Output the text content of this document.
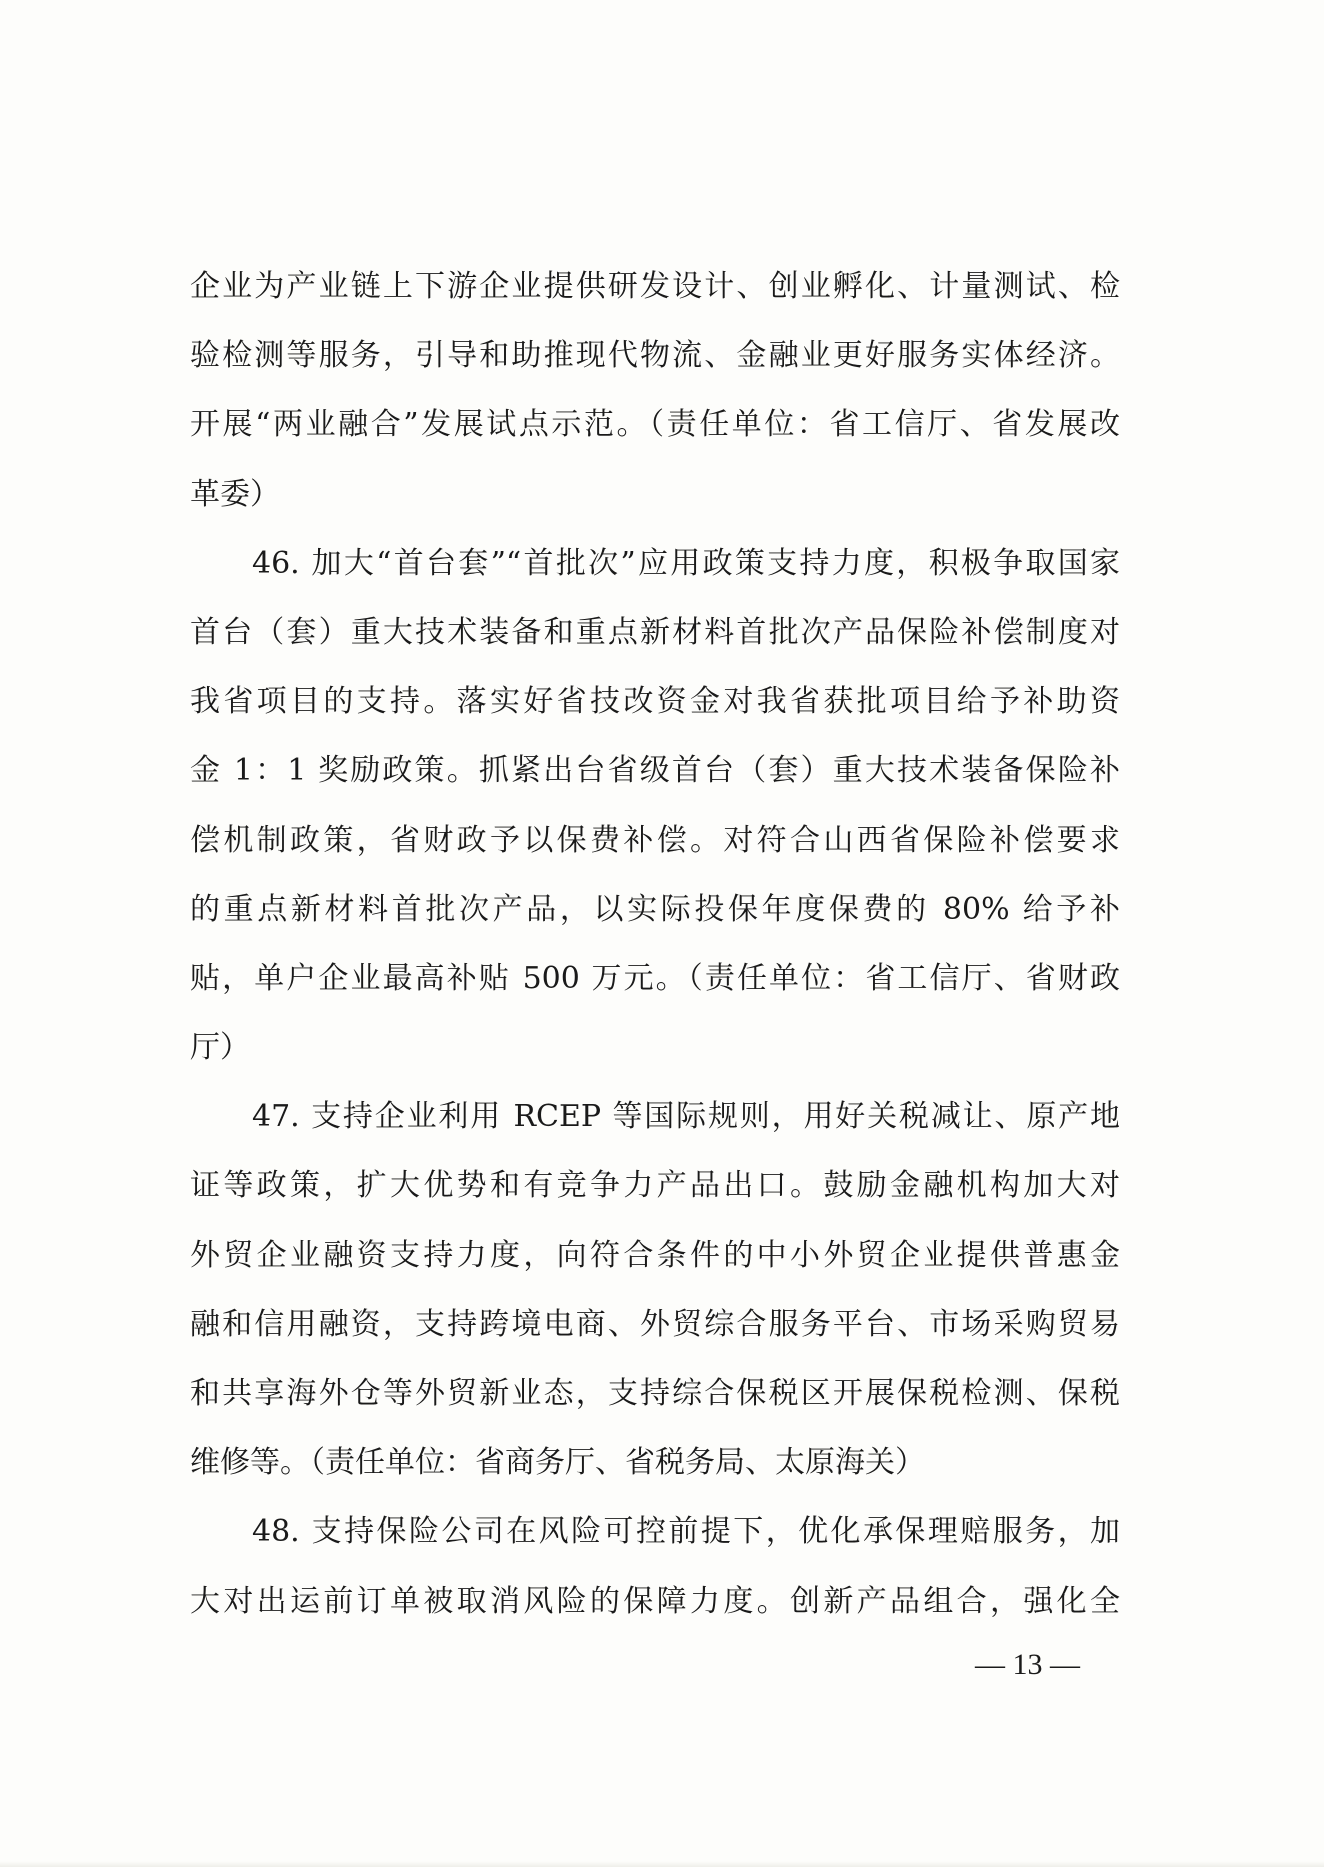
企业为产业链上下游企业提供研发设计、创业孵化、计量测试、检
验检测等服务，引导和助推现代物流、金融业更好服务实体经济。
开展“两业融合”发展试点示范。（责任单位：省工信厅、省发展改
革委）
46. 加大“首台套”“首批次”应用政策支持力度，积极争取国家
首台（套）重大技术装备和重点新材料首批次产品保险补偿制度对
我省项目的支持。落实好省技改资金对我省获批项目给予补助资
金 1：1 奖励政策。抓紧出台省级首台（套）重大技术装备保险补
偿机制政策，省财政予以保费补偿。对符合山西省保险补偿要求
的重点新材料首批次产品，以实际投保年度保费的 80% 给予补
贴，单户企业最高补贴 500 万元。（责任单位：省工信厅、省财政
厅）
47. 支持企业利用 RCEP 等国际规则，用好关税减让、原产地
证等政策，扩大优势和有竞争力产品出口。鼓励金融机构加大对
外贸企业融资支持力度，向符合条件的中小外贸企业提供普惠金
融和信用融资，支持跨境电商、外贸综合服务平台、市场采购贸易
和共享海外仓等外贸新业态，支持综合保税区开展保税检测、保税
维修等。（责任单位：省商务厅、省税务局、太原海关）
48. 支持保险公司在风险可控前提下，优化承保理赔服务，加
大对出运前订单被取消风险的保障力度。创新产品组合，强化全
— 13 —
